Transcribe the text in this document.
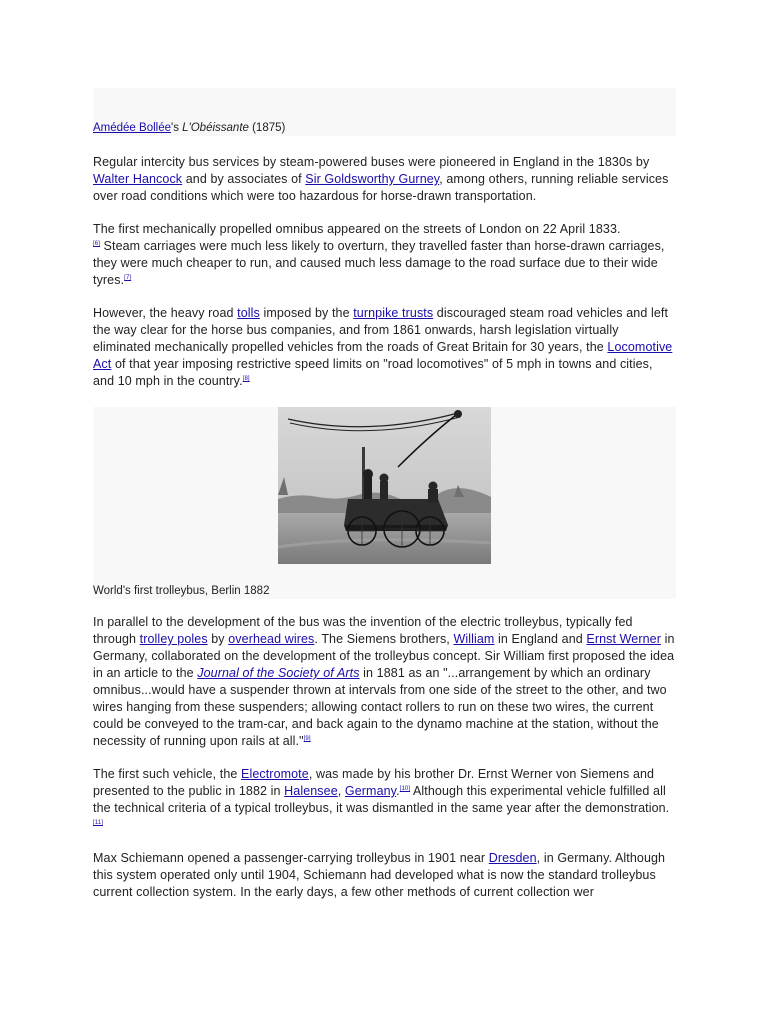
Amédée Bollée's L'Obéissante (1875)

Regular intercity bus services by steam-powered buses were pioneered in England in the 1830s by Walter Hancock and by associates of Sir Goldsworthy Gurney, among others, running reliable services over road conditions which were too hazardous for horse-drawn transportation.

The first mechanically propelled omnibus appeared on the streets of London on 22 April 1833.
[6] Steam carriages were much less likely to overturn, they travelled faster than horse-drawn carriages, they were much cheaper to run, and caused much less damage to the road surface due to their wide tyres.[7]

However, the heavy road tolls imposed by the turnpike trusts discouraged steam road vehicles and left the way clear for the horse bus companies, and from 1861 onwards, harsh legislation virtually eliminated mechanically propelled vehicles from the roads of Great Britain for 30 years, the Locomotive Act of that year imposing restrictive speed limits on "road locomotives" of 5 mph in towns and cities, and 10 mph in the country.[8]

World's first trolleybus, Berlin 1882

In parallel to the development of the bus was the invention of the electric trolleybus, typically fed through trolley poles by overhead wires. The Siemens brothers, William in England and Ernst Werner in Germany, collaborated on the development of the trolleybus concept. Sir William first proposed the idea in an article to the Journal of the Society of Arts in 1881 as an "...arrangement by which an ordinary omnibus...would have a suspender thrown at intervals from one side of the street to the other, and two wires hanging from these suspenders; allowing contact rollers to run on these two wires, the current could be conveyed to the tram-car, and back again to the dynamo machine at the station, without the necessity of running upon rails at all."[9]

The first such vehicle, the Electromote, was made by his brother Dr. Ernst Werner von Siemens and presented to the public in 1882 in Halensee, Germany.[10] Although this experimental vehicle fulfilled all the technical criteria of a typical trolleybus, it was dismantled in the same year after the demonstration.[11]

Max Schiemann opened a passenger-carrying trolleybus in 1901 near Dresden, in Germany. Although this system operated only until 1904, Schiemann had developed what is now the standard trolleybus current collection system. In the early days, a few other methods of current collection wer
